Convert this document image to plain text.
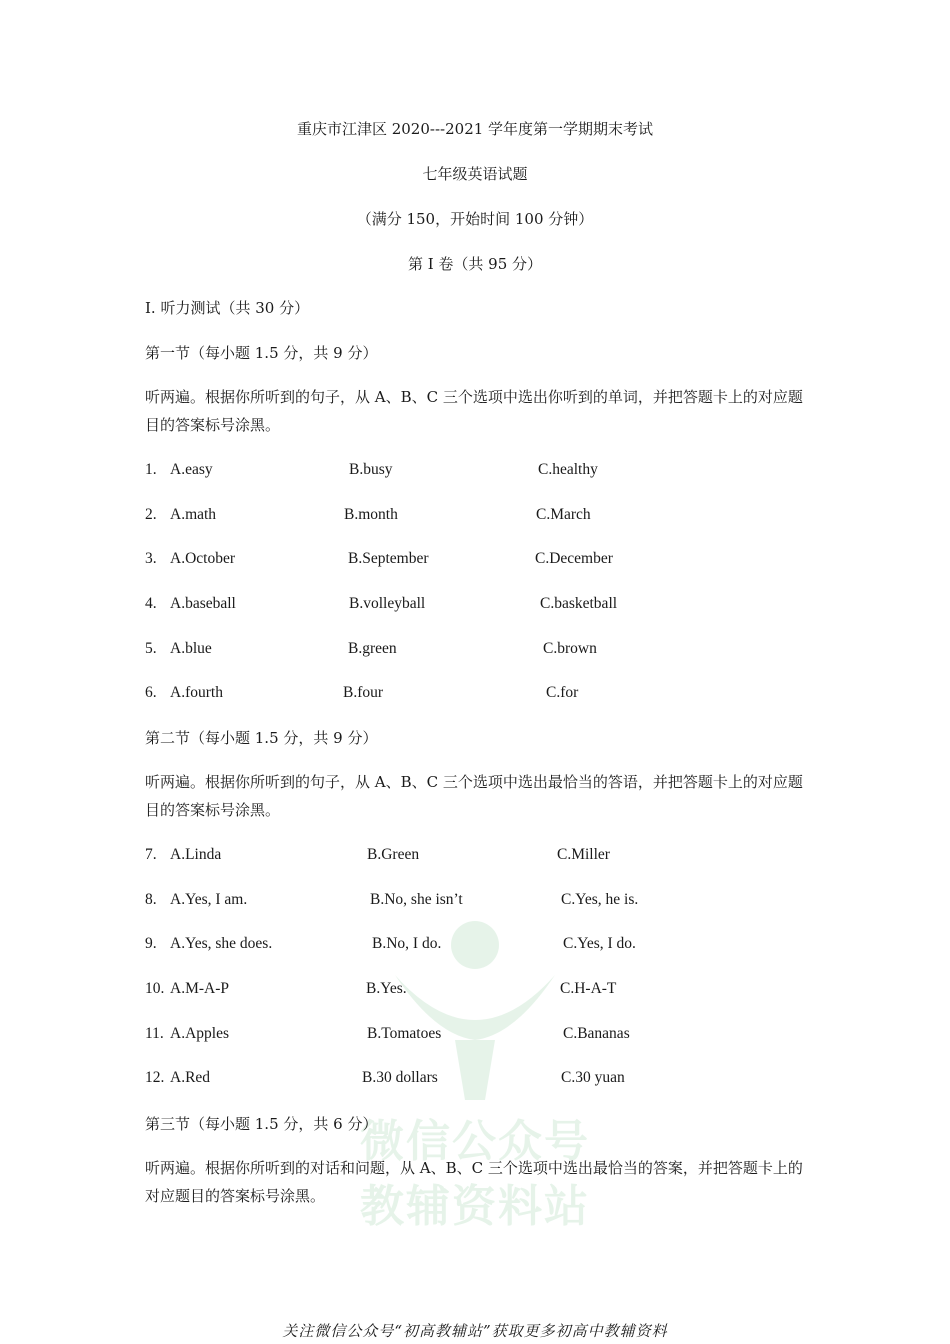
微信公众号
教辅资料站
重庆市江津区 2020---2021 学年度第一学期期末考试
七年级英语试题
（满分 150，开始时间 100 分钟）
第 I 卷（共 95 分）
I. 听力测试（共 30 分）
第一节（每小题 1.5 分，共 9 分）
听两遍。根据你所听到的句子，从 A、B、C 三个选项中选出你听到的单词，并把答题卡上的对应题目的答案标号涂黑。
1. A.easy	B.busy	C.healthy
2. A.math	B.month	C.March
3. A.October	B.September	C.December
4. A.baseball	B.volleyball	C.basketball
5. A.blue	B.green	C.brown
6. A.fourth	B.four	C.for
第二节（每小题 1.5 分，共 9 分）
听两遍。根据你所听到的句子，从 A、B、C 三个选项中选出最恰当的答语，并把答题卡上的对应题目的答案标号涂黑。
7. A.Linda	B.Green	C.Miller
8. A.Yes, I am.	B.No, she isn’t	C.Yes, he is.
9. A.Yes, she does.	B.No, I do.	C.Yes, I do.
10. A.M-A-P	B.Yes.	C.H-A-T
11. A.Apples	B.Tomatoes	C.Bananas
12. A.Red	B.30 dollars	C.30 yuan
第三节（每小题 1.5 分，共 6 分）
听两遍。根据你所听到的对话和问题，从 A、B、C 三个选项中选出最恰当的答案，并把答题卡上的对应题目的答案标号涂黑。
关注微信公众号“初高教辅站”获取更多初高中教辅资料
